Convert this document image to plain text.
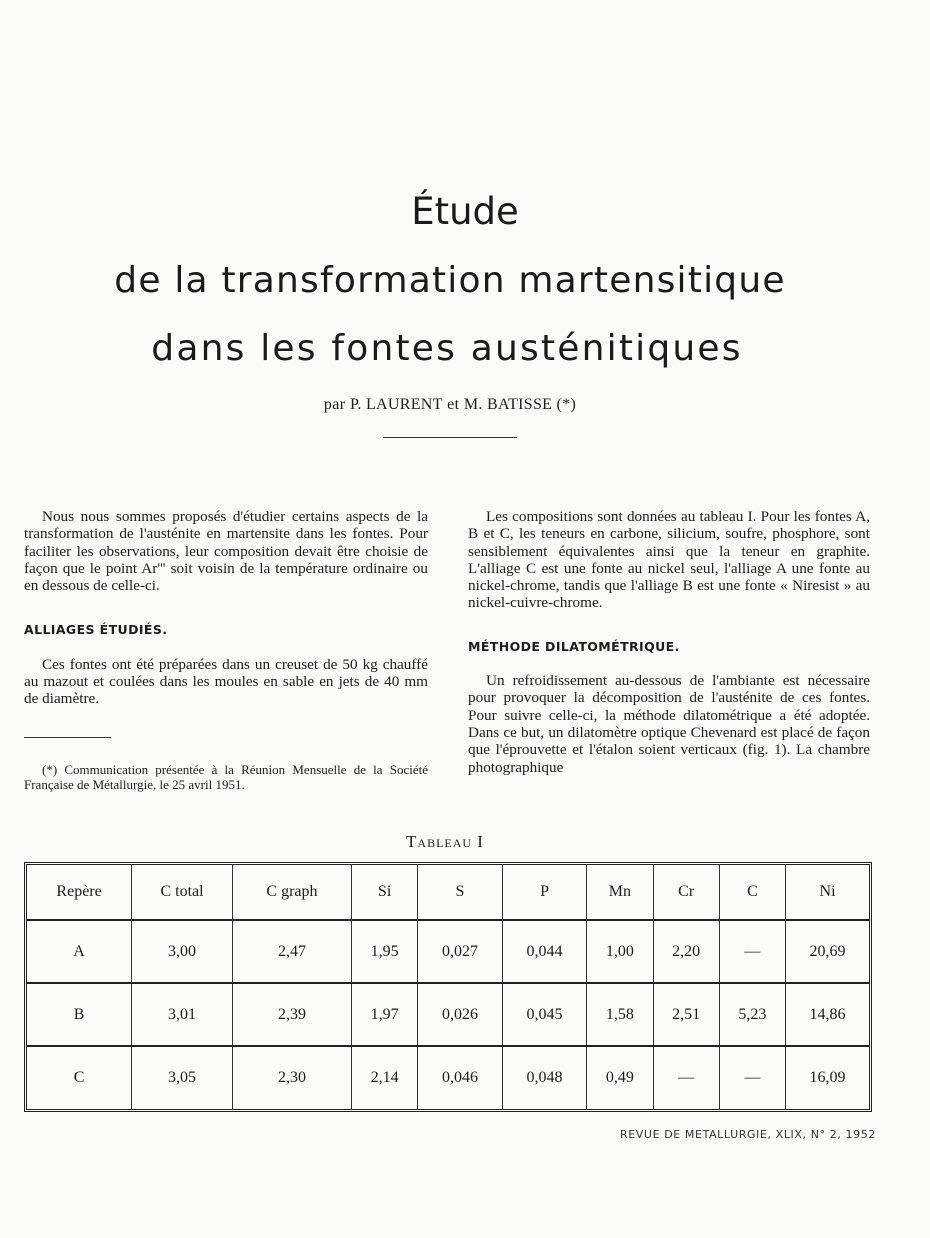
Étude
de la transformation martensitique
dans les fontes austénitiques

par P. LAURENT et M. BATISSE (*)

Nous nous sommes proposés d'étudier certains aspects de la transformation de l'austénite en martensite dans les fontes. Pour faciliter les observations, leur composition devait être choisie de façon que le point Ar''' soit voisin de la température ordinaire ou en dessous de celle-ci.

ALLIAGES ÉTUDIÉS.

Ces fontes ont été préparées dans un creuset de 50 kg chauffé au mazout et coulées dans les moules en sable en jets de 40 mm de diamètre.

(*) Communication présentée à la Réunion Mensuelle de la Société Française de Métallurgie, le 25 avril 1951.

Les compositions sont données au tableau I. Pour les fontes A, B et C, les teneurs en carbone, silicium, soufre, phosphore, sont sensiblement équivalentes ainsi que la teneur en graphite. L'alliage C est une fonte au nickel seul, l'alliage A une fonte au nickel-chrome, tandis que l'alliage B est une fonte « Niresist » au nickel-cuivre-chrome.

MÉTHODE DILATOMÉTRIQUE.

Un refroidissement au-dessous de l'ambiante est nécessaire pour provoquer la décomposition de l'austénite de ces fontes. Pour suivre celle-ci, la méthode dilatométrique a été adoptée. Dans ce but, un dilatomètre optique Chevenard est placé de façon que l'éprouvette et l'étalon soient verticaux (fig. 1). La chambre photographique

Tableau I

Repère	C total	C graph	Si	S	P	Mn	Cr	C	Ni
A	3,00	2,47	1,95	0,027	0,044	1,00	2,20	—	20,69
B	3,01	2,39	1,97	0,026	0,045	1,58	2,51	5,23	14,86
C	3,05	2,30	2,14	0,046	0,048	0,49	—	—	16,09

REVUE DE METALLURGIE, XLIX, N° 2, 1952
